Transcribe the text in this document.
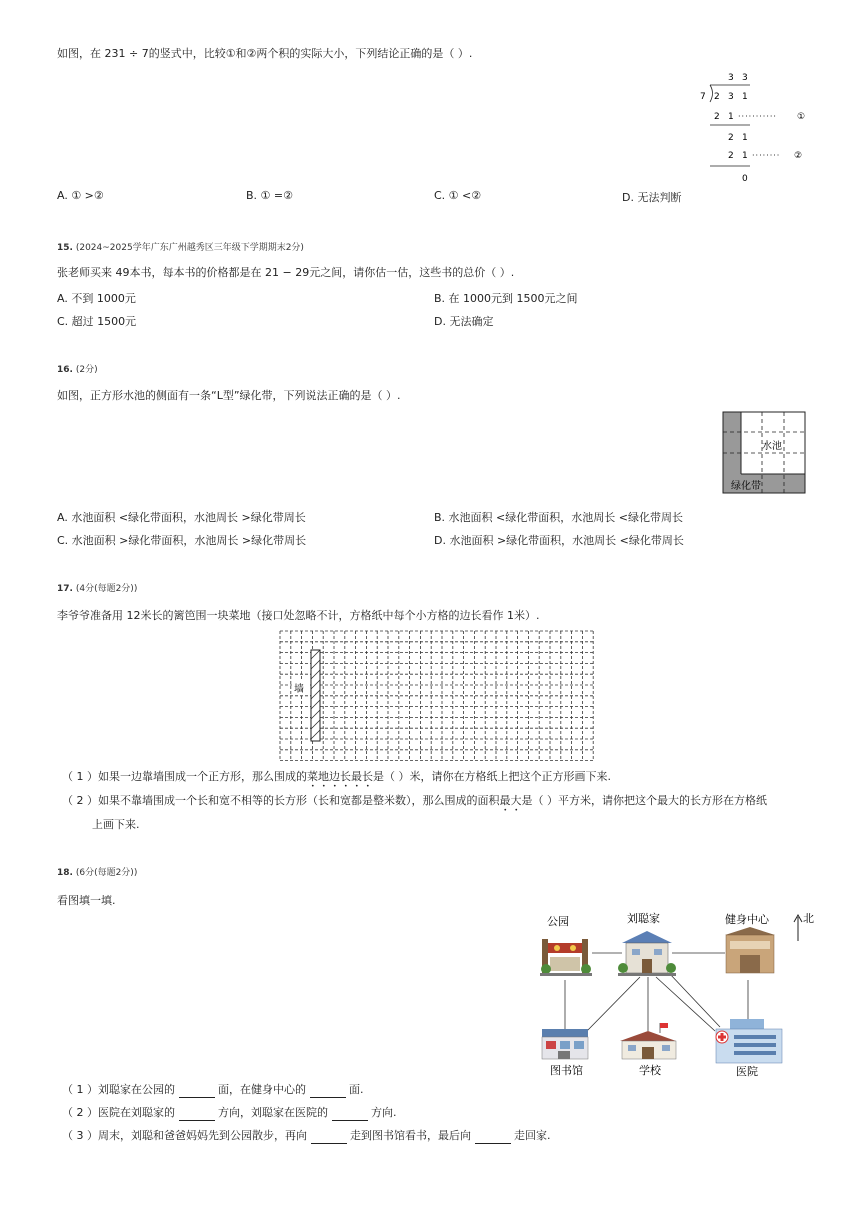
如图，在 231 ÷ 7的竖式中，比较①和②两个积的实际大小，下列结论正确的是（ ）.
3 3
7 2 3 1
2 1 ··········· ①
2 1
2 1 ········ ②
0
A. ① >②	B. ① =②	C. ① <②	D. 无法判断
15. (2024~2025学年广东广州越秀区三年级下学期期末2分)
张老师买来 49本书，每本书的价格都是在 21 − 29元之间，请你估一估，这些书的总价（ ）.
A. 不到 1000元	B. 在 1000元到 1500元之间
C. 超过 1500元	D. 无法确定
16. (2分)
如图，正方形水池的侧面有一条“L型”绿化带，下列说法正确的是（ ）.
水池
绿化带
A. 水池面积 <绿化带面积，水池周长 >绿化带周长	B. 水池面积 <绿化带面积，水池周长 <绿化带周长
C. 水池面积 >绿化带面积，水池周长 >绿化带周长	D. 水池面积 >绿化带面积，水池周长 <绿化带周长
17. (4分(每题2分))
李爷爷准备用 12米长的篱笆围一块菜地（接口处忽略不计，方格纸中每个小方格的边长看作 1米）.
墙
（ 1 ）如果一边靠墙围成一个正方形，那么围成的菜地边长最长是（ ）米，请你在方格纸上把这个正方形画下来.
（ 2 ）如果不靠墙围成一个长和宽不相等的长方形（长和宽都是整米数），那么围成的面积最大是（ ）平方米，请你把这个最大的长方形在方格纸
上画下来.
18. (6分(每题2分))
看图填一填.
北
公园	刘聪家	健身中心
图书馆	学校	医院
（ 1 ）刘聪家在公园的	面，在健身中心的	面.
（ 2 ）医院在刘聪家的	方向，刘聪家在医院的	方向.
（ 3 ）周末，刘聪和爸爸妈妈先到公园散步，再向	走到图书馆看书，最后向	走回家.
